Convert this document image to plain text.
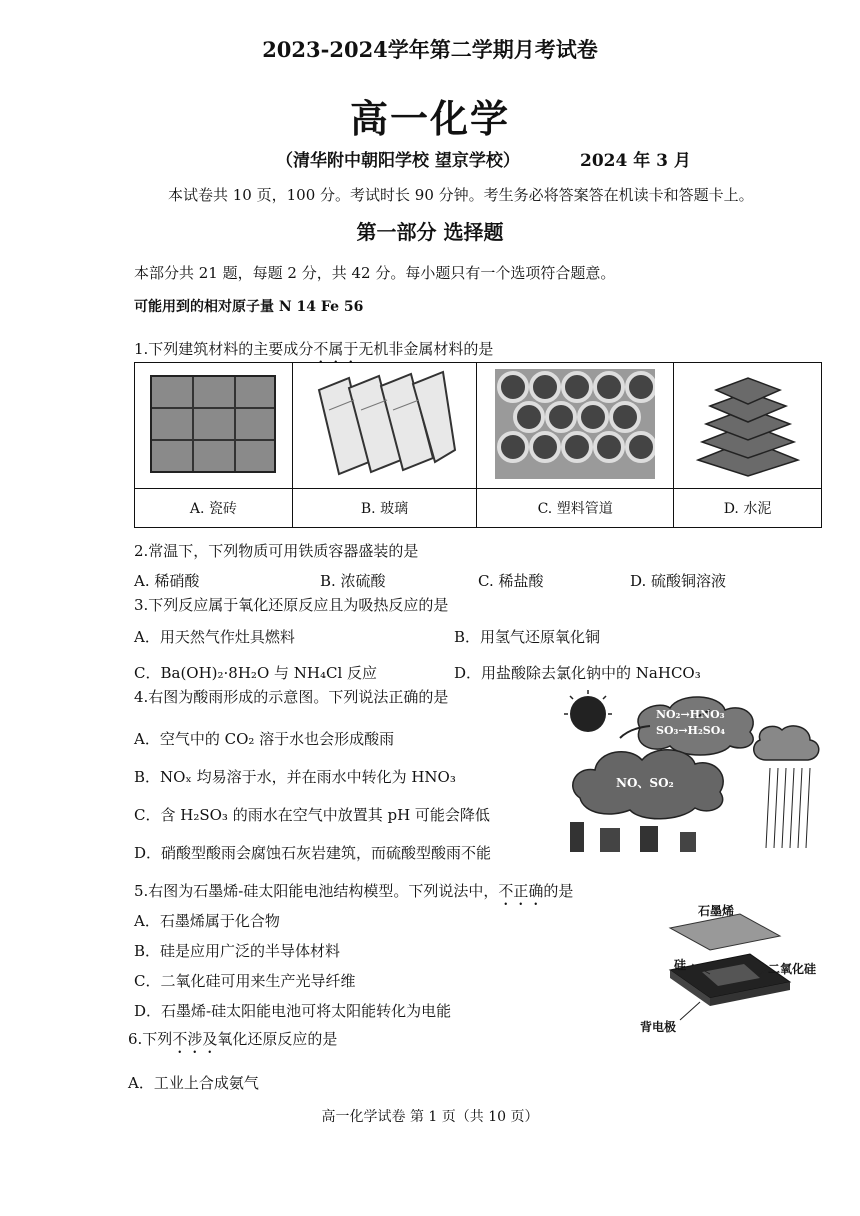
2023-2024学年第二学期月考试卷
高一化学
（清华附中朝阳学校 望京学校）	2024 年 3 月
本试卷共 10 页，100 分。考试时长 90 分钟。考生务必将答案答在机读卡和答题卡上。
第一部分 选择题
本部分共 21 题，每题 2 分，共 42 分。每小题只有一个选项符合题意。
可能用到的相对原子量 N 14 Fe 56
1.下列建筑材料的主要成分不属于无机非金属材料的是

A. 瓷砖	B. 玻璃	C. 塑料管道	D. 水泥
2.常温下，下列物质可用铁质容器盛装的是
A. 稀硝酸	B. 浓硫酸	C. 稀盐酸	D. 硫酸铜溶液
3.下列反应属于氧化还原反应且为吸热反应的是
A．用天然气作灶具燃料	B．用氢气还原氧化铜
C．Ba(OH)₂·8H₂O 与 NH₄Cl 反应	D．用盐酸除去氯化钠中的 NaHCO₃
4.右图为酸雨形成的示意图。下列说法正确的是
A．空气中的 CO₂ 溶于水也会形成酸雨
B．NOₓ 均易溶于水，并在雨水中转化为 HNO₃
C．含 H₂SO₃ 的雨水在空气中放置其 pH 可能会降低
D．硝酸型酸雨会腐蚀石灰岩建筑，而硫酸型酸雨不能
NO₂→HNO₃
SO₃→H₂SO₄
NO、SO₂
5.右图为石墨烯-硅太阳能电池结构模型。下列说法中，不正确的是
A．石墨烯属于化合物
B．硅是应用广泛的半导体材料
C．二氧化硅可用来生产光导纤维
D．石墨烯-硅太阳能电池可将太阳能转化为电能
石墨烯
硅	二氧化硅
背电极
6.下列不涉及氧化还原反应的是
A．工业上合成氨气
高一化学试卷 第 1 页（共 10 页）
